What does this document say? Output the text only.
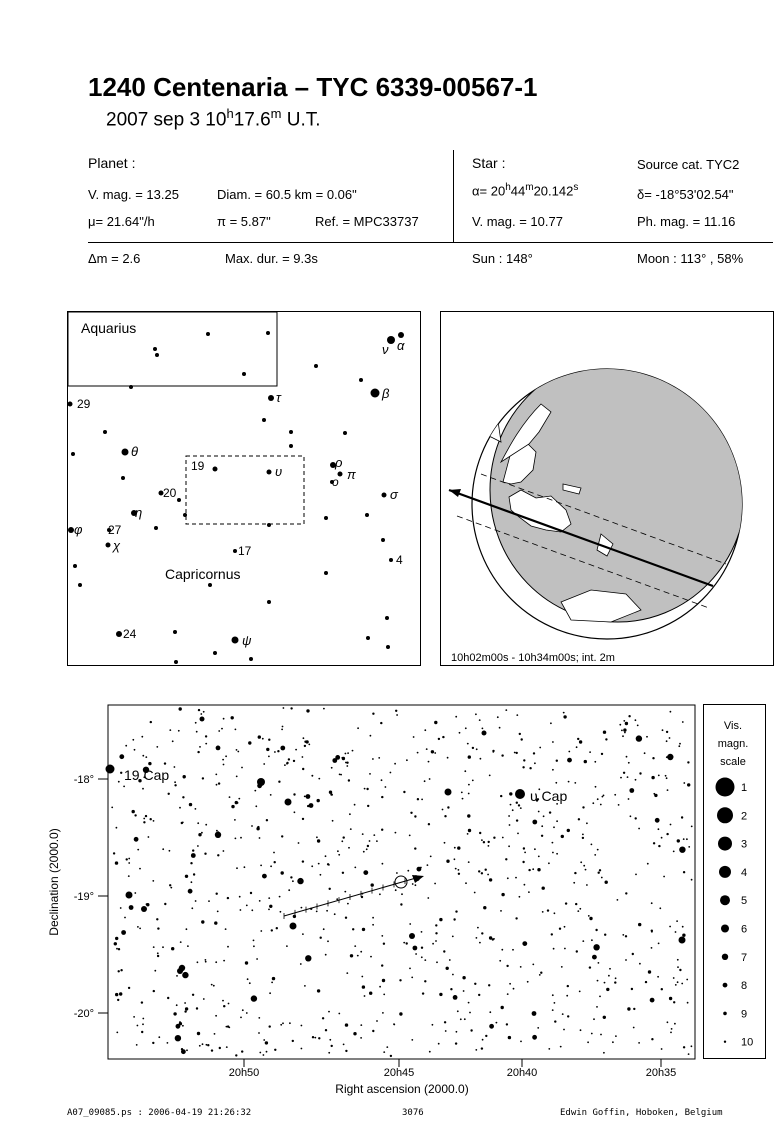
1240 Centenaria – TYC 6339-00567-1
2007 sep 3 10$^h$17.6$^m$ U.T.
Planet :
V. mag. = 13.25	Diam. = 60.5 km = 0.06"
μ= 21.64"/h	π = 5.87"	Ref. = MPC33737
Star :	Source cat. TYC2
$\alpha= 20^h44^m20.142^s$	δ= -18°53'02.54"
V. mag. = 10.77	Ph. mag. = 11.16
Δm = 2.6	Max. dur. = 9.3s	Sun : 148°	Moon : 113° , 58%
Aquarius
Capricornus
ν α
β
29	τ
θ
19	υ
ρ
π
ο
20	σ
η
φ 27
χ	17
4
24	ψ
10h02m00s - 10h34m00s; int. 2m
19 Cap
υ Cap
-18°
-19°
-20°
20h50	20h45	20h40	20h35
Right ascension (2000.0)
Declination (2000.0)
Vis.
magn.
scale
1
2
3
4
5
6
7
8
9
10
A07_09085.ps : 2006-04-19 21:26:32	3076	Edwin Goffin, Hoboken, Belgium
